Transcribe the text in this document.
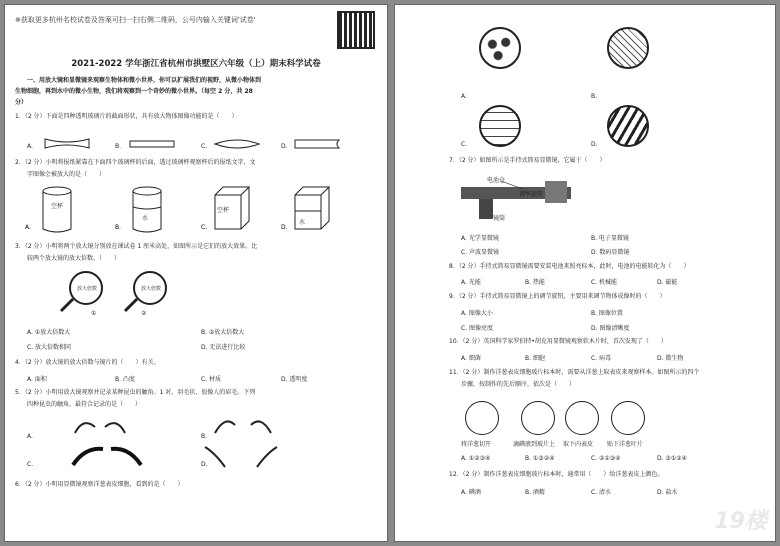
※获取更多杭州名校试卷及答案可扫一扫右侧二维码，公号内输入关键词'试卷'
2021-2022 学年浙江省杭州市拱墅区六年级（上）期末科学试卷
一、用放大镜和显微镜来观察生物体和微小世界，你可以扩展我们的视野，从微小物体到
生物细胞，再到水中的微小生物，我们将观察到一个奇妙的微小世界。（每空 2 分，共 28
分）
1．（2 分）下面是四种透明玻璃片的截面形状，具有放大物体图像功能的是（　　）
A.	B.	C.	D.
2．（2 分）小明将报纸紧靠在下面四个玻璃杯的后面，透过玻璃杯观察杯后的报纸文字，文
字图像会被放大的是（　　）
A.	B.	C.	D.
空杯
水
空杯
水
3．（2 分）小明将两个放大镜分别放在课试卷 1 厘米高处，如图所示是它们的放大效果。比
较两个放大镜的放大倍数。（　　）
放大倍数	放大倍数
①	②
A. ①放大倍数大	B. ②放大倍数大
C. 放大倍数相同	D. 无法进行比较
4．（2 分）放大镜的放大倍数与镜片的（　　）有关。
A. 面积	B. 凸度	C. 材质	D. 透明度
5．（2 分）小明用放大镜观察并记录某种昆虫的触角。1 对，羽毛状，很像人的眉毛。下列
四种昆虫的触角，最符合记录的是（　　）
A.	B.
C.	D.
6．（2 分）小明用显微镜观察洋葱表皮细胞，看到的是（　　）
A.	B.
C.	D.
7．（2 分）如图所示是手持式简易显微镜，它属于（　　）
电池仓
调节旋钮
镜筒
A. 光学显微镜	B. 电子显微镜
C. 声波显微镜	D. 数码显微镜
8．（2 分）手持式简易显微镜需要安装电池来照亮标本，此时，电池的电能转化为（　　）
A. 光能	B. 热能	C. 机械能	D. 磁能
9．（2 分）手持式简易显微镜上的调节旋钮，主要用来调节物体成像时的（　　）
A. 图像大小	B. 图像位置
C. 图像亮度	D. 图像清晰度
10．（2 分）英国科学家罗伯特•胡克用显微镜观察软木片时，首次发现了（　　）
A. 细菌	B. 细胞	C. 病毒	D. 微生物
11．（2 分）制作洋葱表皮细胞玻片标本时，需要从洋葱上取表皮来观察样本。如图所示的四个
步骤，按制作的先后顺序，依次是（　　）
将洋葱切开	滴碘液到玻片上 取下内表皮 贴下洋葱叶片
A. ①②③④	B. ①③②④	C. ②①③④	D. ③①②④
12．（2 分）制作洋葱表皮细胞玻片标本时，通常用（　　）给洋葱表皮上颜色。
A. 碘酒	B. 酒精	C. 清水	D. 盐水
19楼
